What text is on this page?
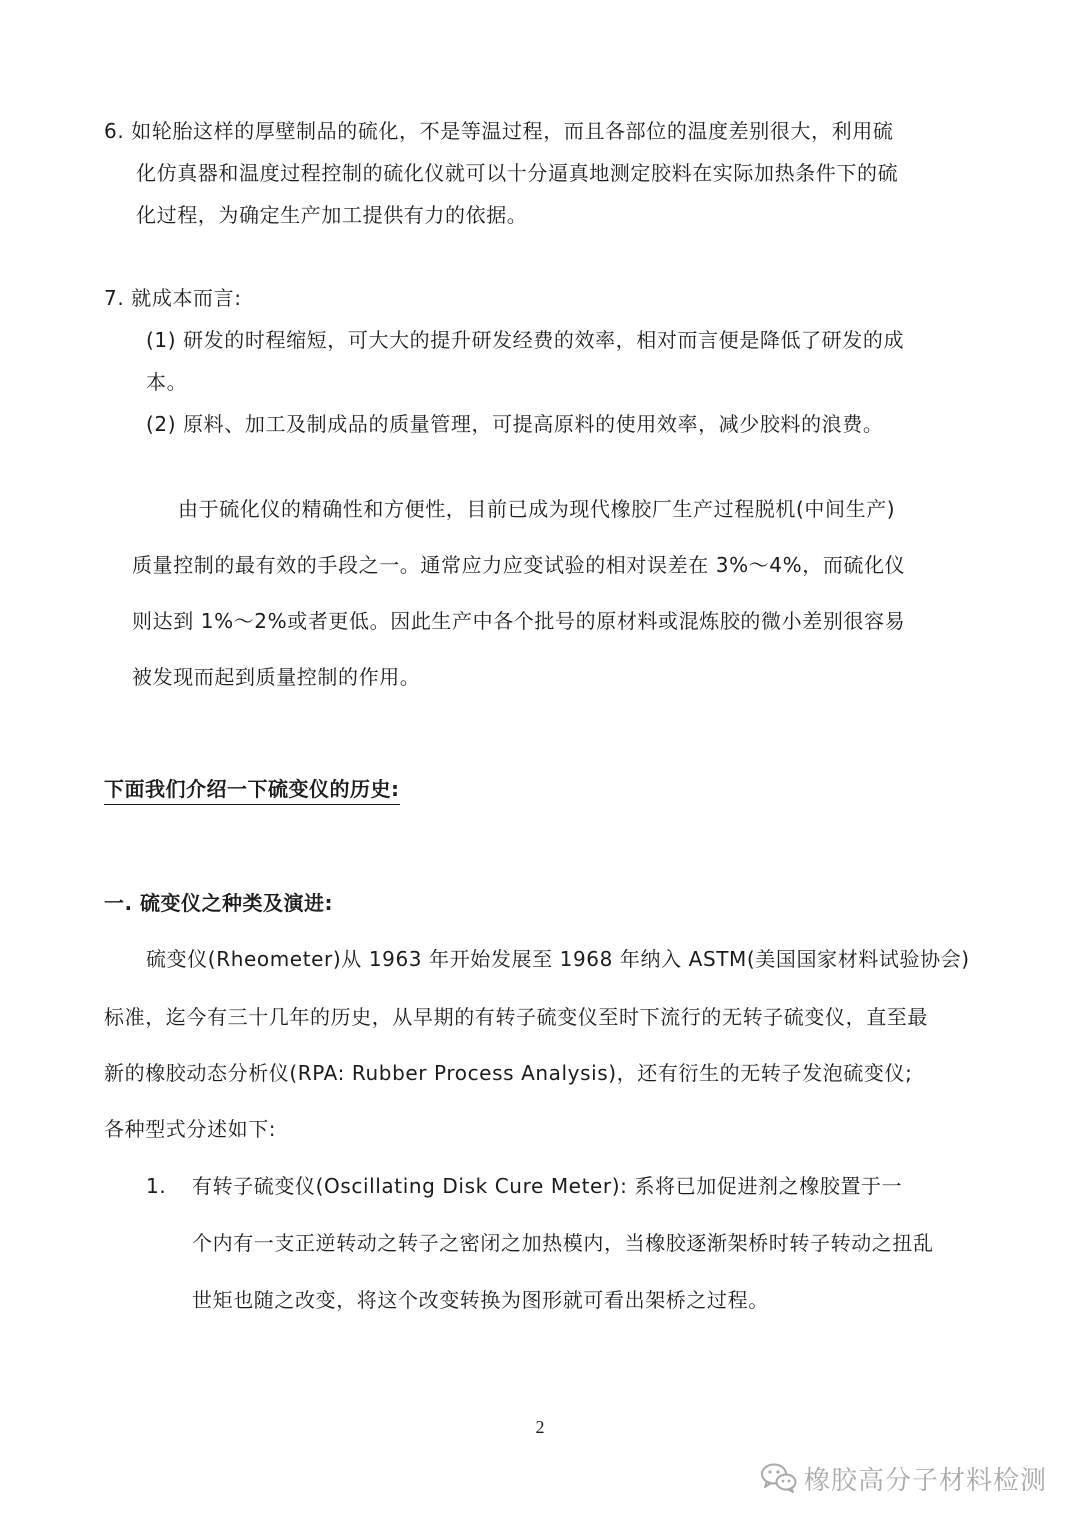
6. 如轮胎这样的厚壁制品的硫化，不是等温过程，而且各部位的温度差别很大，利用硫
化仿真器和温度过程控制的硫化仪就可以十分逼真地测定胶料在实际加热条件下的硫
化过程，为确定生产加工提供有力的依据。
7. 就成本而言:
(1) 研发的时程缩短，可大大的提升研发经费的效率，相对而言便是降低了研发的成
本。
(2) 原料、加工及制成品的质量管理，可提高原料的使用效率，减少胶料的浪费。
由于硫化仪的精确性和方便性，目前已成为现代橡胶厂生产过程脱机(中间生产)
质量控制的最有效的手段之一。通常应力应变试验的相对误差在 3%～4%，而硫化仪
则达到 1%～2%或者更低。因此生产中各个批号的原材料或混炼胶的微小差别很容易
被发现而起到质量控制的作用。
下面我们介绍一下硫变仪的历史:
一. 硫变仪之种类及演进:
硫变仪(Rheometer)从 1963 年开始发展至 1968 年纳入 ASTM(美国国家材料试验协会)
标准，迄今有三十几年的历史，从早期的有转子硫变仪至时下流行的无转子硫变仪，直至最
新的橡胶动态分析仪(RPA: Rubber Process Analysis)，还有衍生的无转子发泡硫变仪;
各种型式分述如下:
1. 有转子硫变仪(Oscillating Disk Cure Meter): 系将已加促进剂之橡胶置于一
个内有一支正逆转动之转子之密闭之加热模内，当橡胶逐渐架桥时转子转动之扭乱
世矩也随之改变，将这个改变转换为图形就可看出架桥之过程。
2
橡胶高分子材料检测
